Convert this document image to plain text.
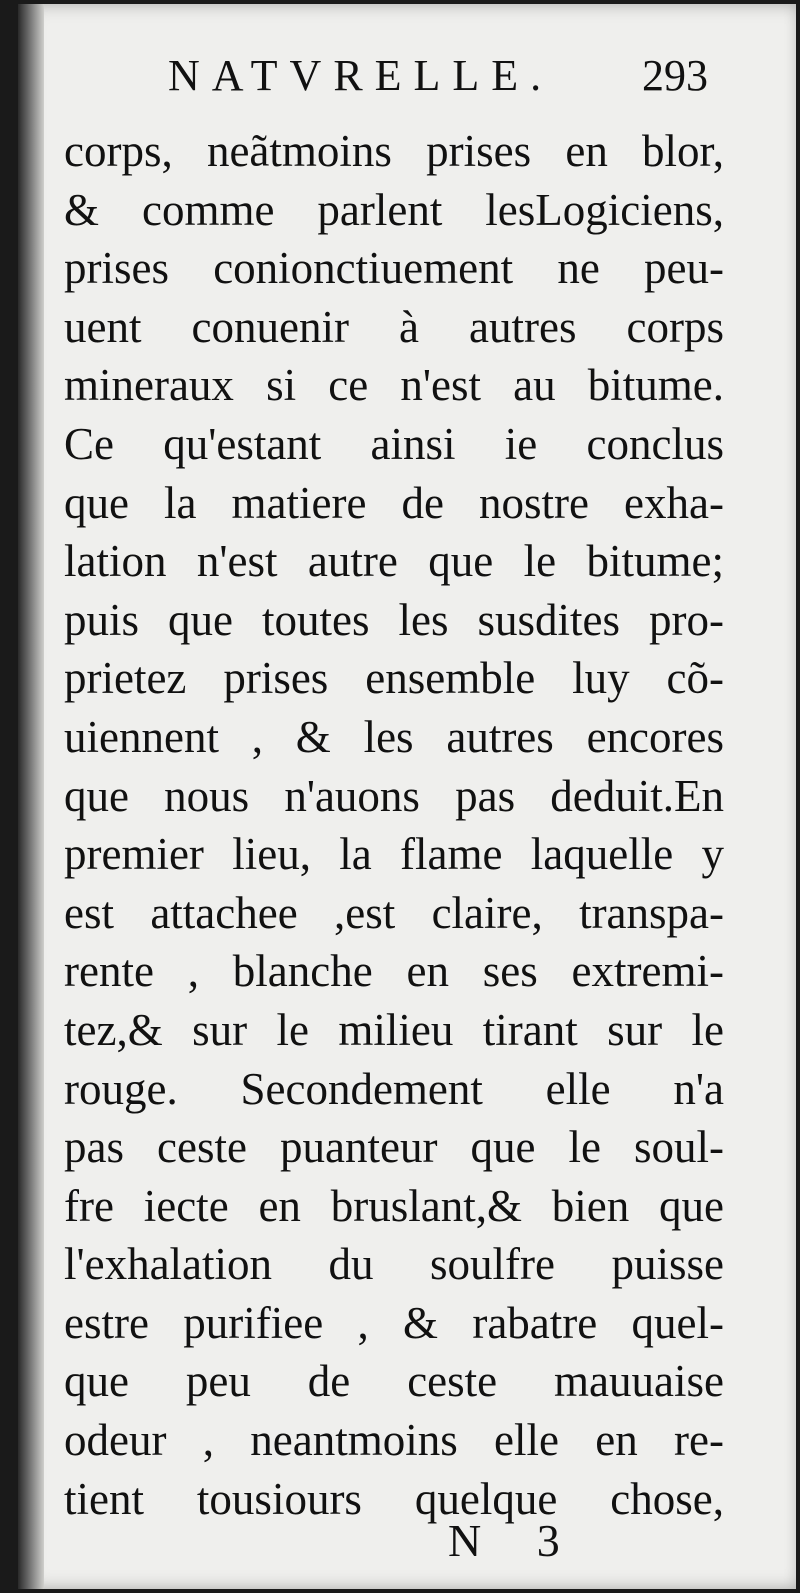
NATVRELLE. 293
corps, neãtmoins prises en blor,
& comme parlent lesLogiciens,
prises conionctiuement ne peu-
uent conuenir à autres corps
mineraux si ce n'est au bitume.
Ce qu'estant ainsi ie conclus
que la matiere de nostre exha-
lation n'est autre que le bitume;
puis que toutes les susdites pro-
prietez prises ensemble luy cõ-
uiennent , & les autres encores
que nous n'auons pas deduit.En
premier lieu, la flame laquelle y
est attachee ,est claire, transpa-
rente , blanche en ses extremi-
tez,& sur le milieu tirant sur le
rouge. Secondement elle n'a
pas ceste puanteur que le soul-
fre iecte en bruslant,& bien que
l'exhalation du soulfre puisse
estre purifiee , & rabatre quel-
que peu de ceste mauuaise
odeur , neantmoins elle en re-
tient tousiours quelque chose,
N 3
